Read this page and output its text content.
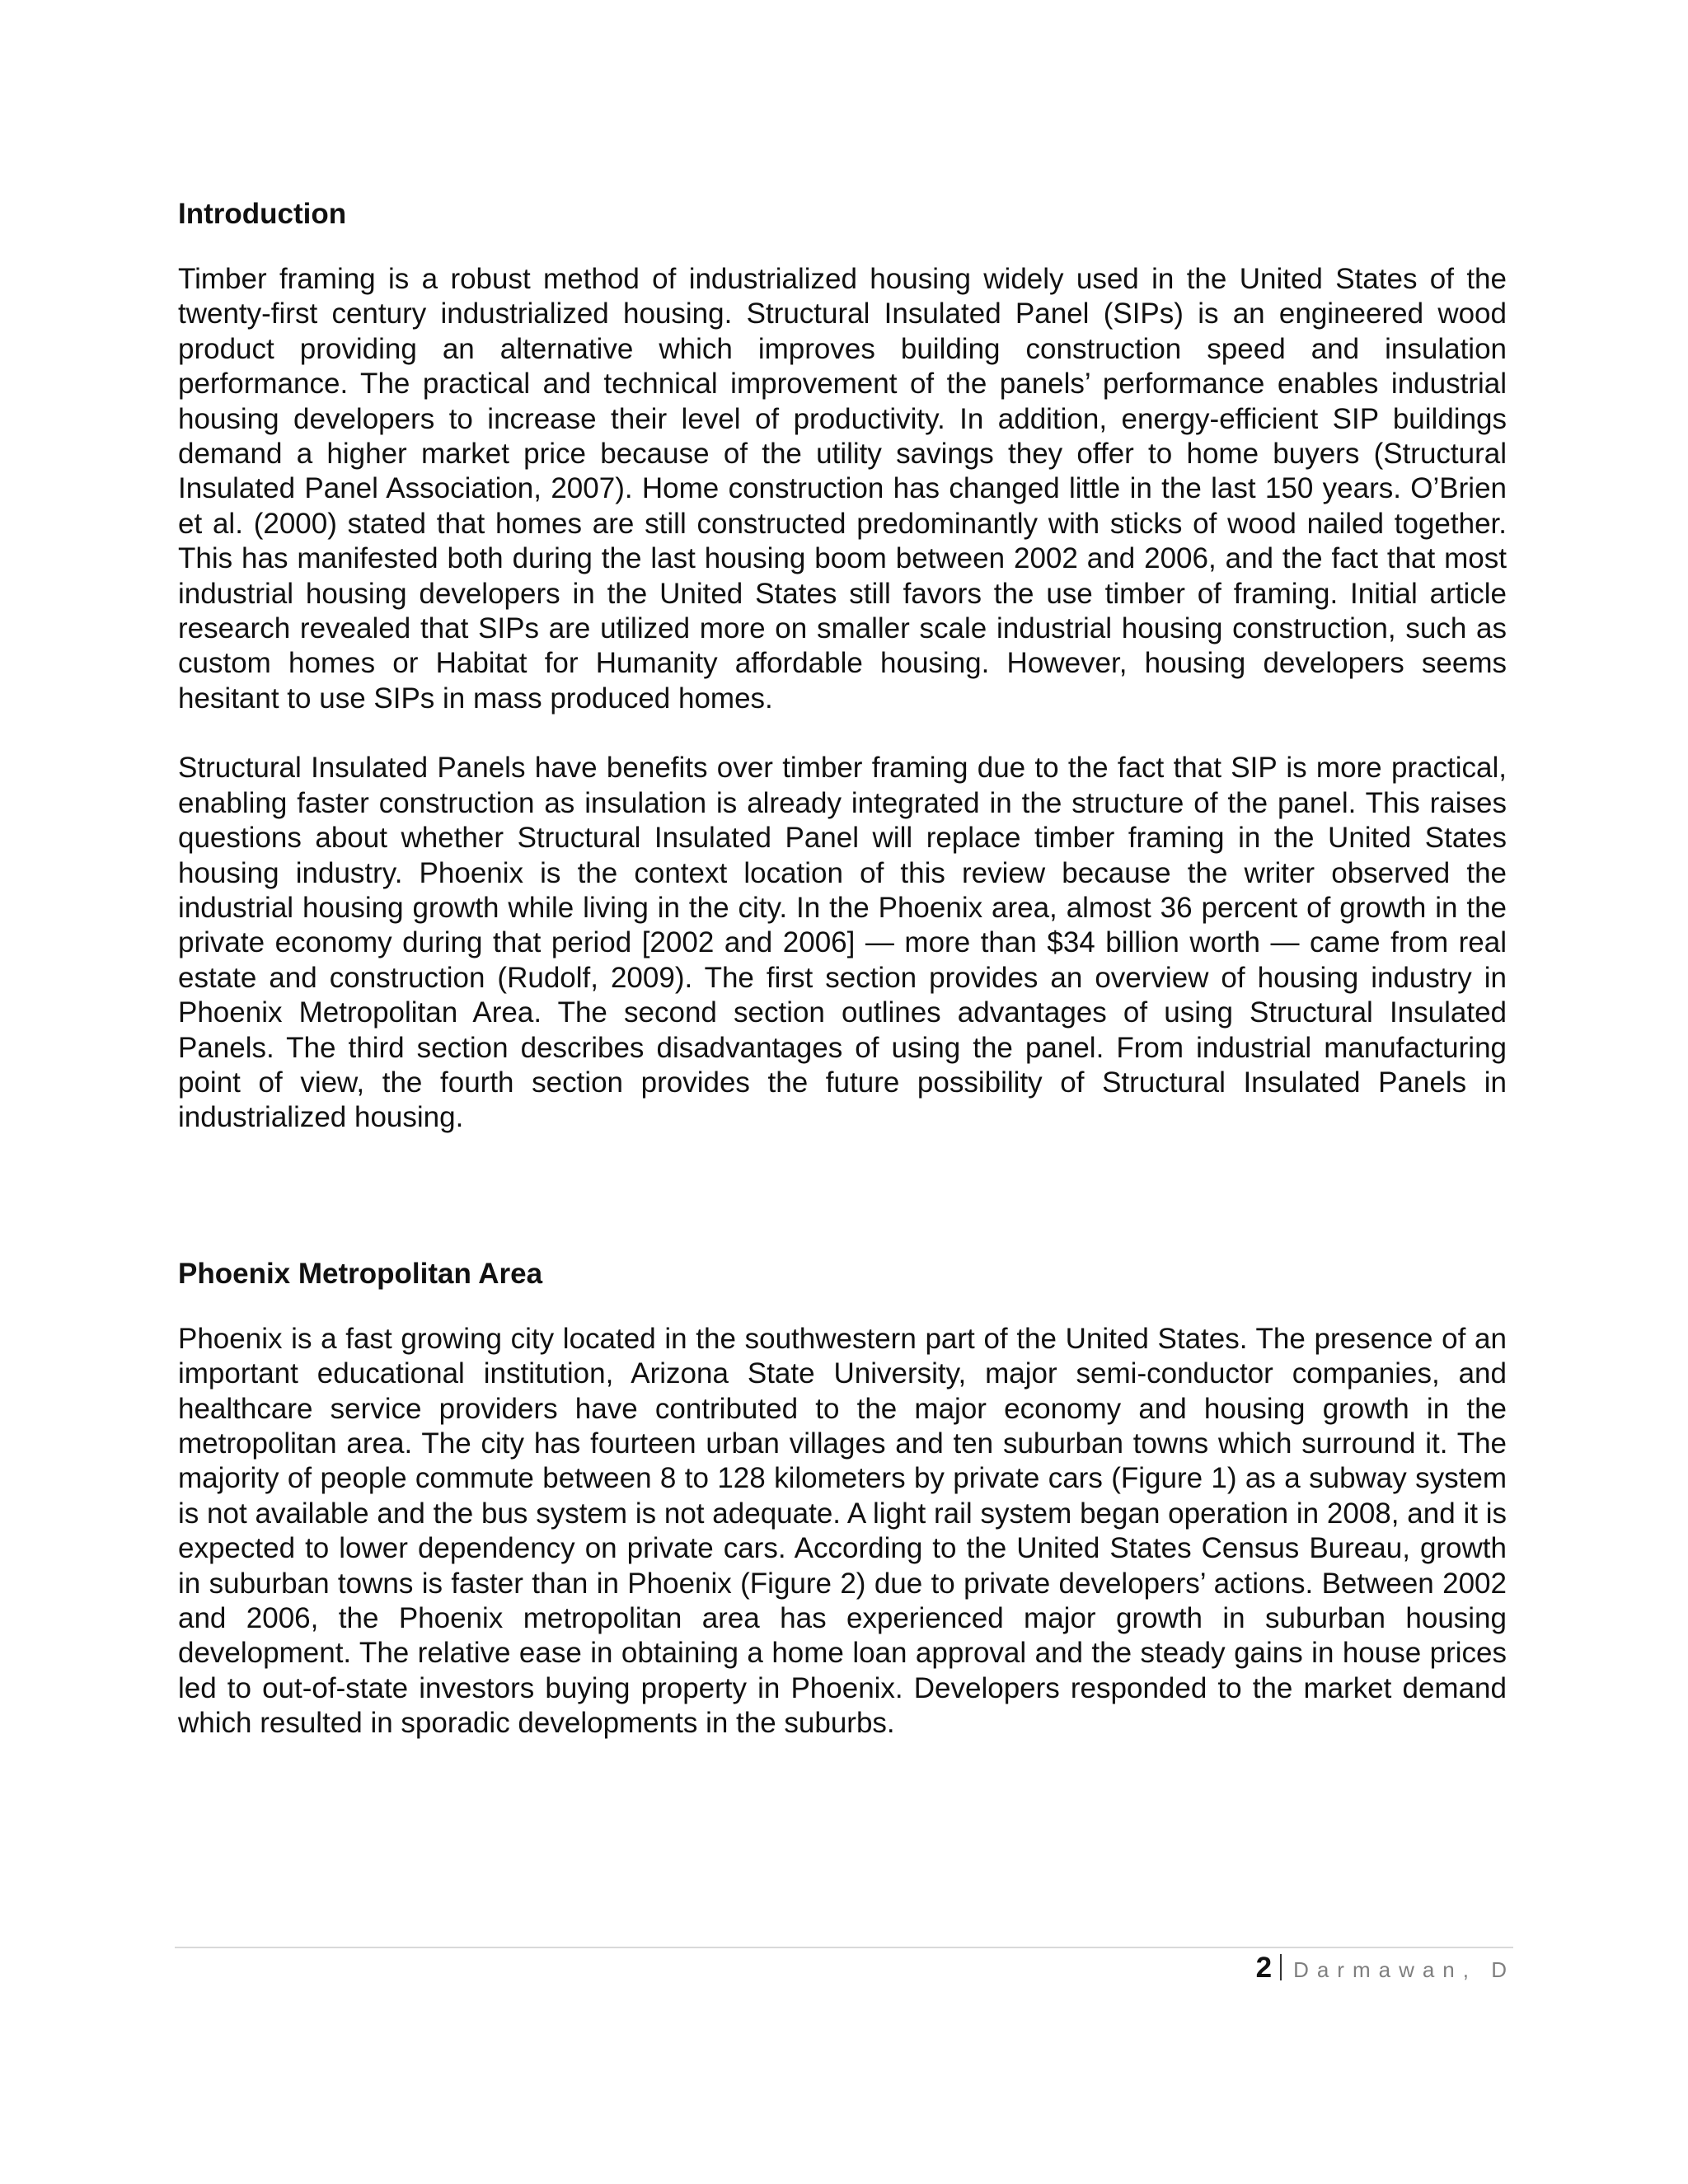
Introduction

Timber framing is a robust method of industrialized housing widely used in the United States of the twenty-first century industrialized housing. Structural Insulated Panel (SIPs) is an engineered wood product providing an alternative which improves building construction speed and insulation performance. The practical and technical improvement of the panels’ performance enables industrial housing developers to increase their level of productivity. In addition, energy-efficient SIP buildings demand a higher market price because of the utility savings they offer to home buyers (Structural Insulated Panel Association, 2007). Home construction has changed little in the last 150 years. O’Brien et al. (2000) stated that homes are still constructed predominantly with sticks of wood nailed together. This has manifested both during the last housing boom between 2002 and 2006, and the fact that most industrial housing developers in the United States still favors the use timber of framing. Initial article research revealed that SIPs are utilized more on smaller scale industrial housing construction, such as custom homes or Habitat for Humanity affordable housing. However, housing developers seems hesitant to use SIPs in mass produced homes.

Structural Insulated Panels have benefits over timber framing due to the fact that SIP is more practical, enabling faster construction as insulation is already integrated in the structure of the panel. This raises questions about whether Structural Insulated Panel will replace timber framing in the United States housing industry. Phoenix is the context location of this review because the writer observed the industrial housing growth while living in the city. In the Phoenix area, almost 36 percent of growth in the private economy during that period [2002 and 2006] — more than $34 billion worth — came from real estate and construction (Rudolf, 2009). The first section provides an overview of housing industry in Phoenix Metropolitan Area. The second section outlines advantages of using Structural Insulated Panels. The third section describes disadvantages of using the panel. From industrial manufacturing point of view, the fourth section provides the future possibility of Structural Insulated Panels in industrialized housing.

Phoenix Metropolitan Area

Phoenix is a fast growing city located in the southwestern part of the United States. The presence of an important educational institution, Arizona State University, major semi-conductor companies, and healthcare service providers have contributed to the major economy and housing growth in the metropolitan area. The city has fourteen urban villages and ten suburban towns which surround it. The majority of people commute between 8 to 128 kilometers by private cars (Figure 1) as a subway system is not available and the bus system is not adequate. A light rail system began operation in 2008, and it is expected to lower dependency on private cars. According to the United States Census Bureau, growth in suburban towns is faster than in Phoenix (Figure 2) due to private developers’ actions. Between 2002 and 2006, the Phoenix metropolitan area has experienced major growth in suburban housing development. The relative ease in obtaining a home loan approval and the steady gains in house prices led to out-of-state investors buying property in Phoenix. Developers responded to the market demand which resulted in sporadic developments in the suburbs.

2 Darmawan, D
